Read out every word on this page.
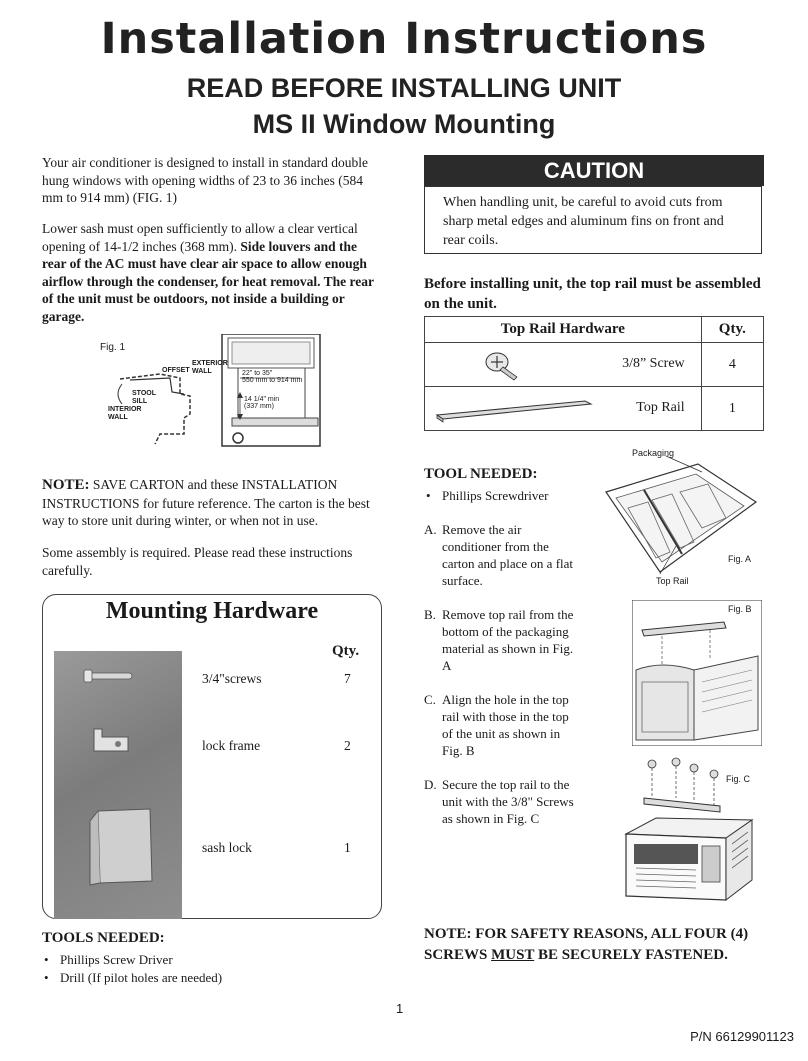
Installation Instructions
READ BEFORE INSTALLING UNIT
MS II Window Mounting
Your air conditioner is designed to install in standard double hung windows with opening widths of 23 to 36 inches (584 mm to 914 mm) (FIG. 1)
Lower sash must open sufficiently to allow a clear vertical opening of 14-1/2 inches (368 mm). Side louvers and the rear of the AC must have clear air space to allow enough airflow through the condenser, for heat removal. The rear of the unit must be outdoors, not inside a building or garage.
Fig. 1
EXTERIOR
WALL
OFFSET
STOOL
SILL
INTERIOR
WALL
22" to 35"
550 mm to 914 mm
14 1/4" min
(337 mm)
NOTE: SAVE CARTON and these INSTALLATION INSTRUCTIONS for future reference. The carton is the best way to store unit during winter, or when not in use.
Some assembly is required. Please read these instructions carefully.
Mounting Hardware
Qty.
3/4"screws	7
lock frame	2
sash lock	1
TOOLS NEEDED:
• Phillips Screw Driver
• Drill (If pilot holes are needed)
CAUTION
When handling unit, be careful to avoid cuts from sharp metal edges and aluminum fins on front and rear coils.
Before installing unit, the top rail must be assembled on the unit.
Top Rail Hardware	Qty.

3/8” Screw	4

Top Rail	1
TOOL NEEDED:
• Phillips Screwdriver
A. Remove the air conditioner from the carton and place on a flat surface.
B. Remove top rail from the bottom of the packaging material as shown in Fig. A
C. Align the hole in the top rail with those in the top of the unit as shown in Fig. B
D. Secure the top rail to the unit with the 3/8" Screws as shown in Fig. C
Packaging
Fig. A
Top Rail
Fig. B
Fig. C
NOTE: FOR SAFETY REASONS, ALL FOUR (4) SCREWS MUST BE SECURELY FASTENED.
1
P/N 66129901123
